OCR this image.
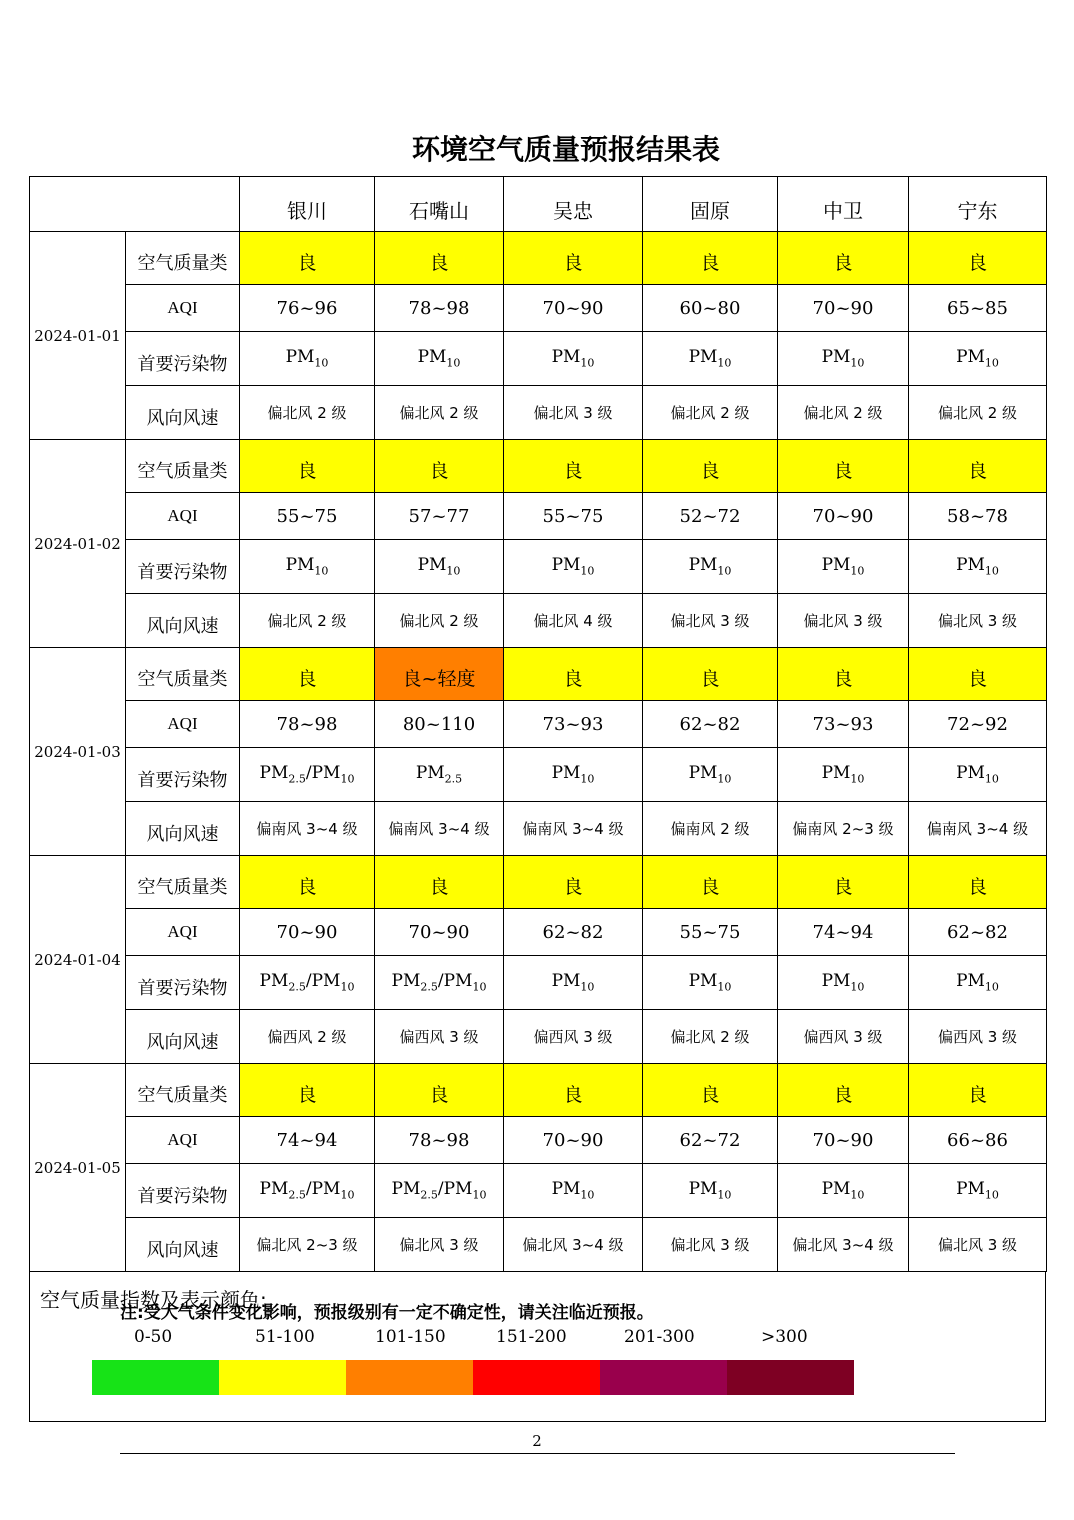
环境空气质量预报结果表
		银川	石嘴山	吴忠	固原	中卫	宁东
2024-01-01	空气质量类	良	良	良	良	良	良
	AQI	76~96	78~98	70~90	60~80	70~90	65~85
	首要污染物	$PM_{10}$	$PM_{10}$	$PM_{10}$	$PM_{10}$	$PM_{10}$	$PM_{10}$
	风向风速	偏北风 2 级	偏北风 2 级	偏北风 3 级	偏北风 2 级	偏北风 2 级	偏北风 2 级
2024-01-02	空气质量类	良	良	良	良	良	良
	AQI	55~75	57~77	55~75	52~72	70~90	58~78
	首要污染物	$PM_{10}$	$PM_{10}$	$PM_{10}$	$PM_{10}$	$PM_{10}$	$PM_{10}$
	风向风速	偏北风 2 级	偏北风 2 级	偏北风 4 级	偏北风 3 级	偏北风 3 级	偏北风 3 级
2024-01-03	空气质量类	良	良~轻度	良	良	良	良
	AQI	78~98	80~110	73~93	62~82	73~93	72~92
	首要污染物	$PM_{2.5}/PM_{10}$	$PM_{2.5}$	$PM_{10}$	$PM_{10}$	$PM_{10}$	$PM_{10}$
	风向风速	偏南风 3~4 级	偏南风 3~4 级	偏南风 3~4 级	偏南风 2 级	偏南风 2~3 级	偏南风 3~4 级
2024-01-04	空气质量类	良	良	良	良	良	良
	AQI	70~90	70~90	62~82	55~75	74~94	62~82
	首要污染物	$PM_{2.5}/PM_{10}$	$PM_{2.5}/PM_{10}$	$PM_{10}$	$PM_{10}$	$PM_{10}$	$PM_{10}$
	风向风速	偏西风 2 级	偏西风 3 级	偏西风 3 级	偏北风 2 级	偏西风 3 级	偏西风 3 级
2024-01-05	空气质量类	良	良	良	良	良	良
	AQI	74~94	78~98	70~90	62~72	70~90	66~86
	首要污染物	$PM_{2.5}/PM_{10}$	$PM_{2.5}/PM_{10}$	$PM_{10}$	$PM_{10}$	$PM_{10}$	$PM_{10}$
	风向风速	偏北风 2~3 级	偏北风 3 级	偏北风 3~4 级	偏北风 3 级	偏北风 3~4 级	偏北风 3 级
空气质量指数及表示颜色:
0-50	51-100	101-150	151-200	201-300	>300
注:受大气条件变化影响，预报级别有一定不确定性，请关注临近预报。
2
